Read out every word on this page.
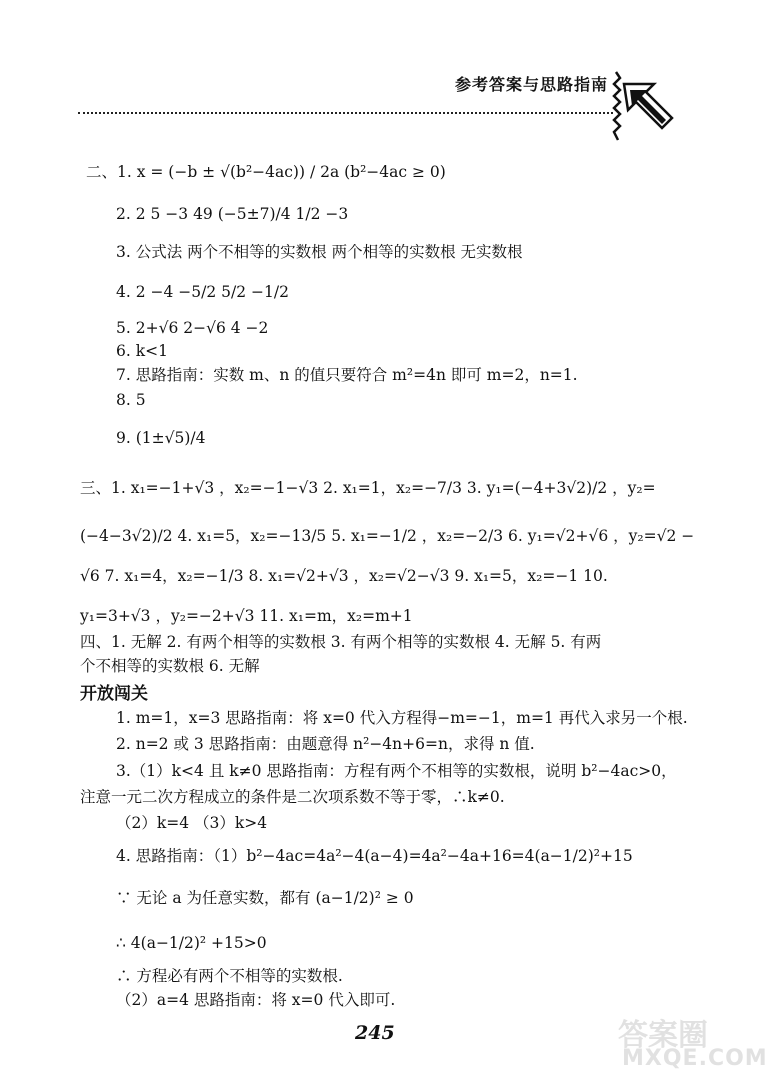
参考答案与思路指南
二、1. x = (−b ± √(b²−4ac)) / 2a (b²−4ac ≥ 0)
2. 2 5 −3 49 (−5±7)/4 1/2 −3
3. 公式法 两个不相等的实数根 两个相等的实数根 无实数根
4. 2 −4 −5/2 5/2 −1/2
5. 2+√6 2−√6 4 −2
6. k<1
7. 思路指南：实数 m、n 的值只要符合 m²=4n 即可 m=2，n=1.
8. 5
9. (1±√5)/4
三、1. x₁=−1+√3 ，x₂=−1−√3 2. x₁=1，x₂=−7/3 3. y₁=(−4+3√2)/2 ，y₂=
(−4−3√2)/2 4. x₁=5，x₂=−13/5 5. x₁=−1/2 ，x₂=−2/3 6. y₁=√2+√6 ，y₂=√2 −
√6 7. x₁=4，x₂=−1/3 8. x₁=√2+√3 ，x₂=√2−√3 9. x₁=5，x₂=−1 10.
y₁=3+√3 ，y₂=−2+√3 11. x₁=m，x₂=m+1
四、1. 无解 2. 有两个相等的实数根 3. 有两个相等的实数根 4. 无解 5. 有两
个不相等的实数根 6. 无解
开放闯关
1. m=1，x=3 思路指南：将 x=0 代入方程得−m=−1，m=1 再代入求另一个根.
2. n=2 或 3 思路指南：由题意得 n²−4n+6=n，求得 n 值.
3.（1）k<4 且 k≠0 思路指南：方程有两个不相等的实数根，说明 b²−4ac>0，
注意一元二次方程成立的条件是二次项系数不等于零，∴k≠0.
（2）k=4 （3）k>4
4. 思路指南：（1）b²−4ac=4a²−4(a−4)=4a²−4a+16=4(a−1/2)²+15
∵ 无论 a 为任意实数，都有 (a−1/2)² ≥ 0
∴ 4(a−1/2)² +15>0
∴ 方程必有两个不相等的实数根.
（2）a=4 思路指南：将 x=0 代入即可.
245	答案圈
MXQE.COM
